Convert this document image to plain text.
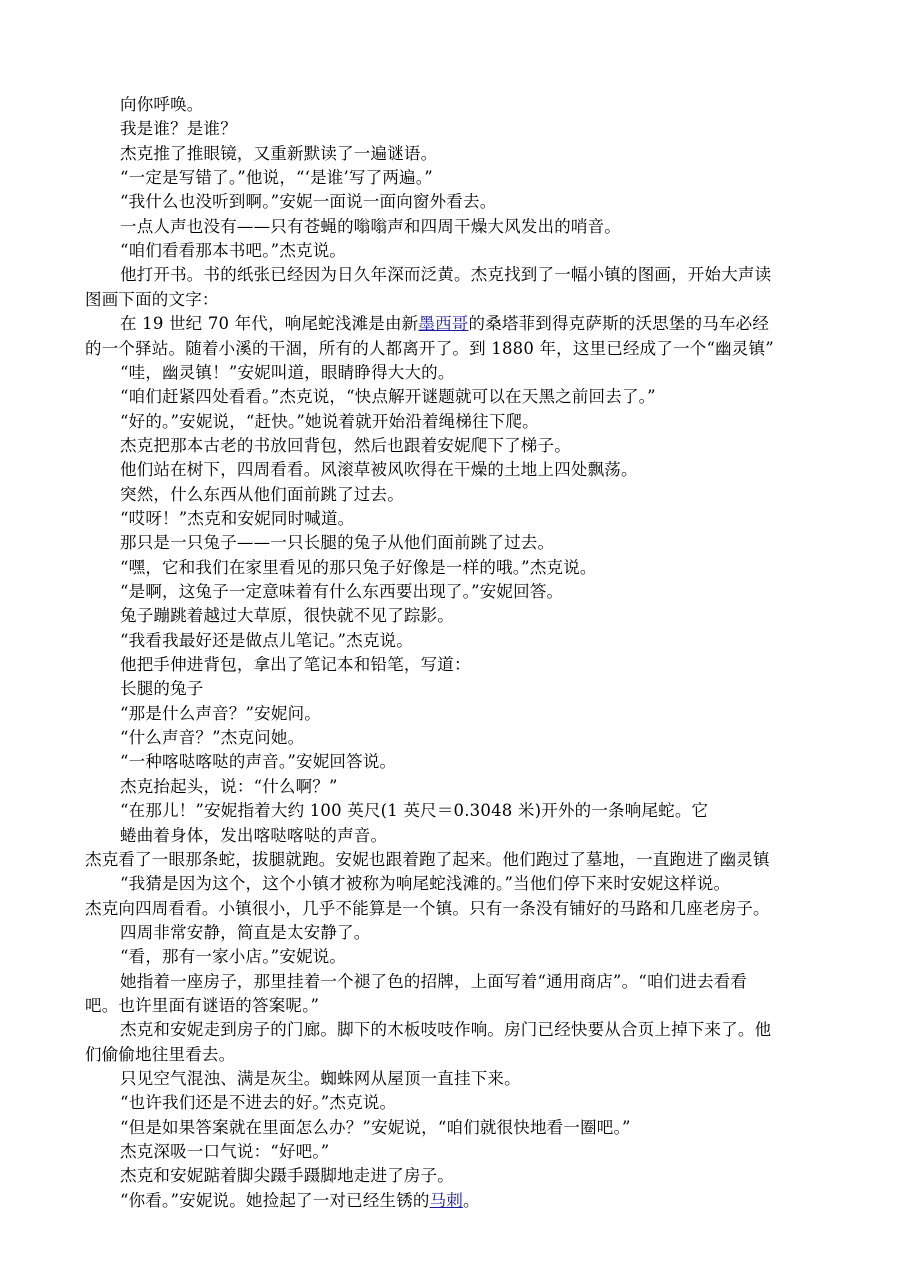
向你呼唤。
我是谁？是谁？
杰克推了推眼镜，又重新默读了一遍谜语。
“一定是写错了。”他说，“‘是谁’写了两遍。”
“我什么也没听到啊。”安妮一面说一面向窗外看去。
一点人声也没有——只有苍蝇的嗡嗡声和四周干燥大风发出的哨音。
“咱们看看那本书吧。”杰克说。
他打开书。书的纸张已经因为日久年深而泛黄。杰克找到了一幅小镇的图画，开始大声读
图画下面的文字：
在 19 世纪 70 年代，响尾蛇浅滩是由新墨西哥的桑塔菲到得克萨斯的沃思堡的马车必经
的一个驿站。随着小溪的干涸，所有的人都离开了。到 1880 年，这里已经成了一个“幽灵镇”
“哇，幽灵镇！”安妮叫道，眼睛睁得大大的。
“咱们赶紧四处看看。”杰克说，“快点解开谜题就可以在天黑之前回去了。”
“好的。”安妮说，“赶快。”她说着就开始沿着绳梯往下爬。
杰克把那本古老的书放回背包，然后也跟着安妮爬下了梯子。
他们站在树下，四周看看。风滚草被风吹得在干燥的土地上四处飘荡。
突然，什么东西从他们面前跳了过去。
“哎呀！”杰克和安妮同时喊道。
那只是一只兔子——一只长腿的兔子从他们面前跳了过去。
“嘿，它和我们在家里看见的那只兔子好像是一样的哦。”杰克说。
“是啊，这兔子一定意味着有什么东西要出现了。”安妮回答。
兔子蹦跳着越过大草原，很快就不见了踪影。
“我看我最好还是做点儿笔记。”杰克说。
他把手伸进背包，拿出了笔记本和铅笔，写道：
长腿的兔子
“那是什么声音？”安妮问。
“什么声音？”杰克问她。
“一种喀哒喀哒的声音。”安妮回答说。
杰克抬起头，说：“什么啊？”
“在那儿！”安妮指着大约 100 英尺(1 英尺＝0.3048 米)开外的一条响尾蛇。它
蜷曲着身体，发出喀哒喀哒的声音。
杰克看了一眼那条蛇，拔腿就跑。安妮也跟着跑了起来。他们跑过了墓地，一直跑进了幽灵镇
“我猜是因为这个，这个小镇才被称为响尾蛇浅滩的。”当他们停下来时安妮这样说。
杰克向四周看看。小镇很小，几乎不能算是一个镇。只有一条没有铺好的马路和几座老房子。
四周非常安静，简直是太安静了。
“看，那有一家小店。”安妮说。
她指着一座房子，那里挂着一个褪了色的招牌，上面写着“通用商店”。“咱们进去看看
吧。也许里面有谜语的答案呢。”
杰克和安妮走到房子的门廊。脚下的木板吱吱作响。房门已经快要从合页上掉下来了。他
们偷偷地往里看去。
只见空气混浊、满是灰尘。蜘蛛网从屋顶一直挂下来。
“也许我们还是不进去的好。”杰克说。
“但是如果答案就在里面怎么办？”安妮说，“咱们就很快地看一圈吧。”
杰克深吸一口气说：“好吧。”
杰克和安妮踮着脚尖蹑手蹑脚地走进了房子。
“你看。”安妮说。她捡起了一对已经生锈的马刺。
